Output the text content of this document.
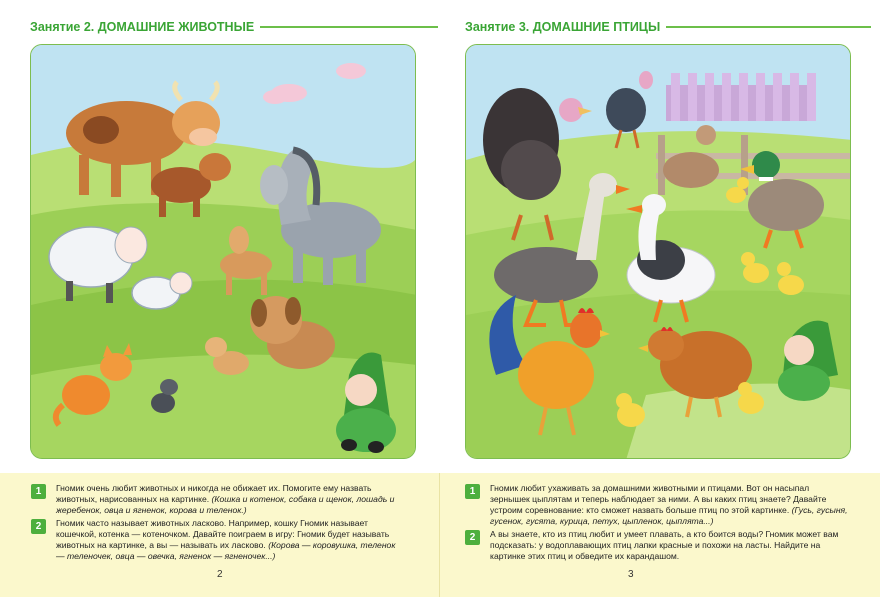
Занятие 2. ДОМАШНИЕ ЖИВОТНЫЕ
1	Гномик очень любит животных и никогда не обижает их. Помогите ему назвать животных, нарисованных на картинке. (Кошка и котенок, собака и щенок, лошадь и жеребенок, овца и ягненок, корова и теленок.)
2	Гномик часто называет животных ласково. Например, кошку Гномик называет кошечкой, котенка — котеночком. Давайте поиграем в игру: Гномик будет называть животных на картинке, а вы — называть их ласково. (Корова — коровушка, теленок — теленочек, овца — овечка, ягненок — ягненочек...)
2
Занятие 3. ДОМАШНИЕ ПТИЦЫ
1	Гномик любит ухаживать за домашними животными и птицами. Вот он насыпал зернышек цыплятам и теперь наблюдает за ними. А вы каких птиц знаете? Давайте устроим соревнование: кто сможет назвать больше птиц по этой картинке. (Гусь, гусыня, гусенок, гусята, курица, петух, цыпленок, цыплята...)
2	А вы знаете, кто из птиц любит и умеет плавать, а кто боится воды? Гномик может вам подсказать: у водоплавающих птиц лапки красные и похожи на ласты. Найдите на картинке этих птиц и обведите их карандашом.
3
